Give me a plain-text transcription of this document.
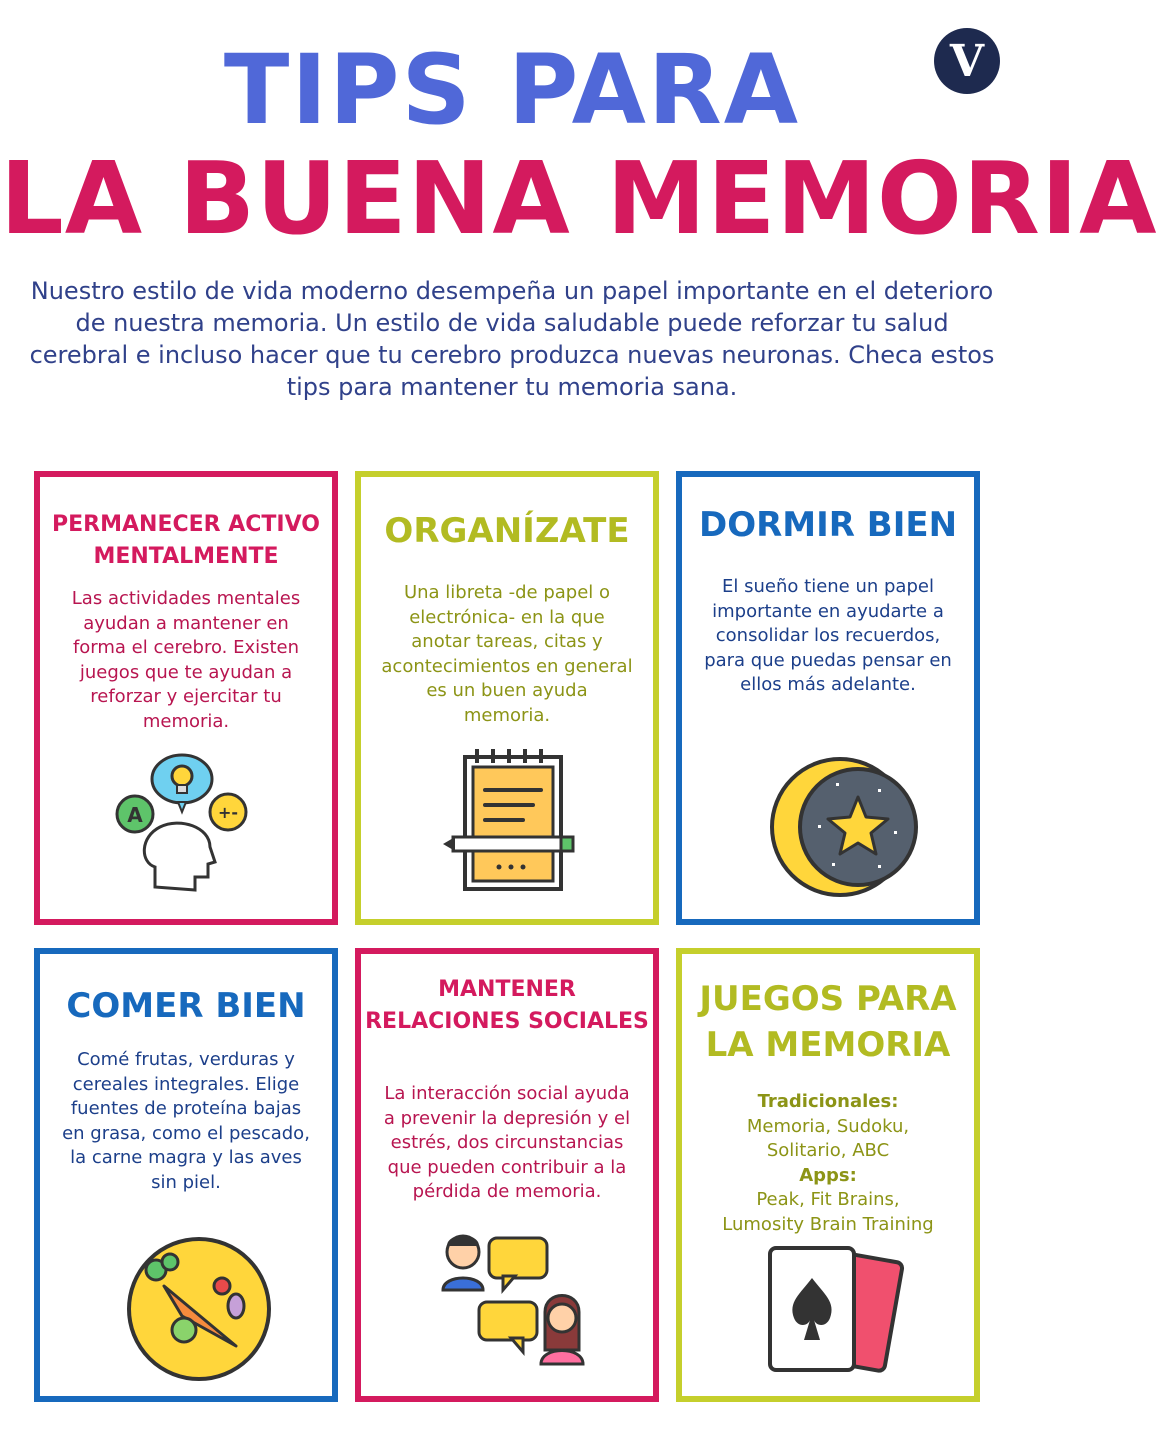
V
TIPS PARA
LA BUENA MEMORIA

Nuestro estilo de vida moderno desempeña un papel importante en el deterioro de nuestra memoria. Un estilo de vida saludable puede reforzar tu salud cerebral e incluso hacer que tu cerebro produzca nuevas neuronas. Checa estos tips para mantener tu memoria sana.

PERMANECER ACTIVO

MENTALMENTE

Las actividades mentales ayudan a mantener en forma el cerebro. Existen juegos que te ayudan a reforzar y ejercitar tu memoria.

A	+-

ORGANÍZATE

Una libreta -de papel o electrónica- en la que anotar tareas, citas y acontecimientos en general es un buen ayuda memoria.

DORMIR BIEN

El sueño tiene un papel importante en ayudarte a consolidar los recuerdos, para que puedas pensar en ellos más adelante.

COMER BIEN

Comé frutas, verduras y cereales integrales. Elige fuentes de proteína bajas en grasa, como el pescado, la carne magra y las aves sin piel.

MANTENER

RELACIONES SOCIALES

La interacción social ayuda a prevenir la depresión y el estrés, dos circunstancias que pueden contribuir a la pérdida de memoria.

JUEGOS PARA

LA MEMORIA

Tradicionales:
Memoria, Sudoku,
Solitario, ABC
Apps:
Peak, Fit Brains,
Lumosity Brain Training
